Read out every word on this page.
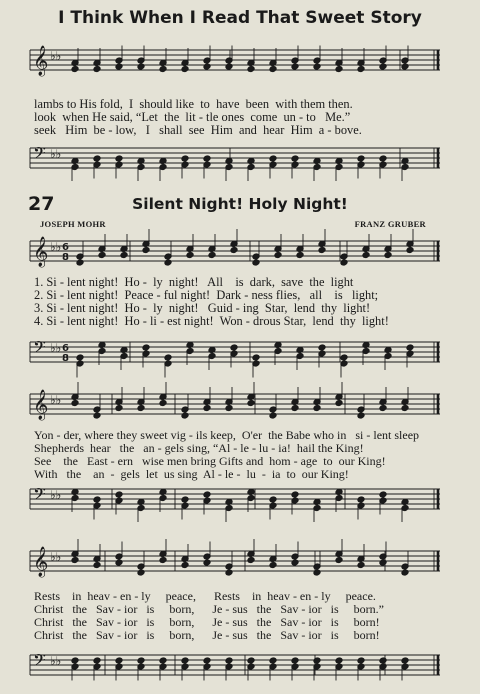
𝄞 ♭♭
𝄢 ♭♭
𝄞 ♭♭ 6
8
𝄢 ♭♭ 6
8
𝄞 ♭♭
𝄢 ♭♭
𝄞 ♭♭
𝄢 ♭♭
I Think When I Read That Sweet Story
lambs to His fold,  I  should like  to  have  been  with them then.
look  when He said, “Let  the  lit - tle ones  come  un - to   Me.”
seek   Him  be - low,   I   shall  see  Him  and  hear  Him  a - bove.
27	Silent Night! Holy Night!
JOSEPH MOHR	FRANZ GRUBER
1. Si - lent night!  Ho -  ly  night!   All    is  dark,  save  the  light
2. Si - lent night!  Peace - ful night!  Dark - ness flies,   all    is   light;
3. Si - lent night!  Ho -  ly  night!   Guid - ing  Star,  lend  thy  light!
4. Si - lent night!  Ho - li - est night!  Won - drous Star,  lend  thy  light!
Yon - der, where they sweet vig - ils keep,  O'er  the Babe who in   si - lent sleep
Shepherds  hear   the   an - gels sing, “Al - le - lu - ia!  hail the King!
See    the   East - ern   wise men bring Gifts and  hom - age  to  our King!
With   the    an  -  gels  let  us sing  Al - le -  lu  -  ia  to  our King!
Rests    in  heav - en - ly     peace,      Rests    in  heav - en - ly     peace.
Christ   the   Sav - ior   is     born,      Je - sus   the   Sav - ior   is     born.”
Christ   the   Sav - ior   is     born,      Je - sus   the   Sav - ior   is     born!
Christ   the   Sav - ior   is     born,      Je - sus   the   Sav - ior   is     born!
